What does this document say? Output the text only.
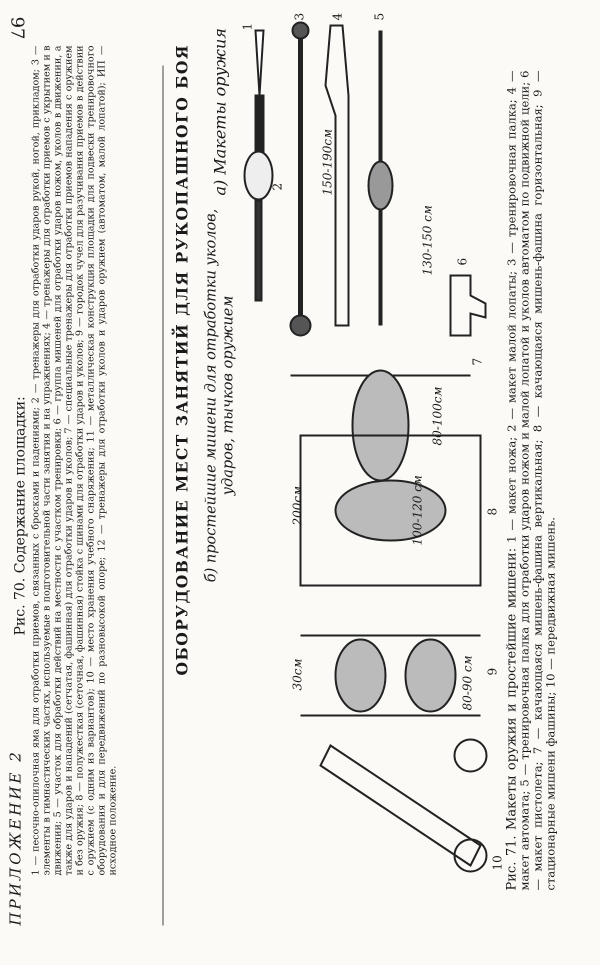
97
ПРИЛОЖЕНИЕ 2
Рис. 70. Содержание площадки: 1 — песочно-опилочная яма для отработки приемов, связанных с бросками и падениями; 2 — тренажеры для отработки ударов рукой, ногой, прикладом; 3 — элементы в гимнастических частях, используемые в подготовительной части занятия и на упражнениях; 4 — тренажеры для отработки приемов с укрытием и в движении; 5 — участок для обработки действий на местности с участком тренировки; 6 — группа мишеней для отработки ударов ножом, уколов в движении, а также для ударов и нападений (сетчатая, фашинная) для отработки ударов и уколов; 7 — специальные тренажеры для отработки приемов нападения с оружием и без оружия; 8 — полужесткая (сеточная, фашинная) стойка с шинами для отработки ударов и уколов; 9 — городок чучел для разучивания приемов в действии с оружием (с одним из вариантов); 10 — место хранения учебного снаряжения; 11 — металлическая конструкция площадки для подвески тренировочного оборудования и для передвижений по разновысокой опоре; 12 — тренажеры для отработки уколов и ударов оружием (автоматом, малой лопатой); ИП — исходное положение.
ОБОРУДОВАНИЕ МЕСТ ЗАНЯТИЙ ДЛЯ РУКОПАШНОГО БОЯ а) Макеты оружия
б) простейшие мишени для отработки уколов, ударов, тычков оружием
150-190см
130-150 см
80-100см
200см	100-120 см
30см	80-90 см
1
2
3 4 5
6
7
8
9
10 Рис. 71. Макеты оружия и простейшие мишени: 1 — макет ножа; 2 — макет малой лопаты; 3 — тренировочная палка; 4 — макет автомата; 5 — тренировочная палка для отработки ударов ножом и малой лопатой и уколов автоматом по подвижной цели; 6 — макет пистолета; 7 — качающаяся мишень-фашина вертикальная; 8 — качающаяся мишень-фашина горизонтальная; 9 — стационарные мишени фашины; 10 — передвижная мишень.
